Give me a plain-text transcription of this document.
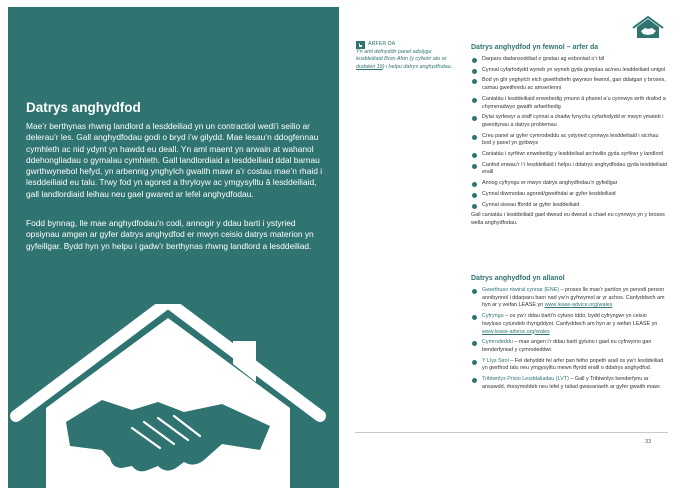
Datrys anghydfod

Mae’r berthynas rhwng landlord a lesddeiliad yn un contractiol wedi’i seilio ar delerau’r les. Gall anghydfodau godi o bryd i’w gilydd. Mae lesau’n ddogfennau cymhleth ac nid ydynt yn hawdd eu deall. Yn aml maent yn arwain at wahanol ddehongliadau o gymalau cymhleth. Gall landlordiaid a lesddeiliaid ddal barnau gwrthwynebol hefyd, yn arbennig ynghylch gwaith mawr a’r costau mae’n rhaid i lesddeiliaid eu talu. Trwy fod yn agored a thryloyw ac ymgysylltu â lesddeiliaid, gall landlordiaid leihau neu gael gwared ar lefel anghydfodau.

Fodd bynnag, lle mae anghydfodau’n codi, annogir y ddau barti i ystyried opsiynau amgen ar gyfer datrys anghydfod er mwyn ceisio datrys materion yn gyfeillgar. Bydd hyn yn helpu i gadw’r berthynas rhwng landlord a lesddeiliad.

ARFER DA
Yn aml defnyddir panel adolygu lesddeiliaid Bron Afon (y cyfeirir ato ar dudalen 19) i helpu datrys anghydfodau.
Datrys anghydfod yn fewnol – arfer da
Darparu dadansoddiad o gostau ag esboniad o’r bil
Cynnal cyfarfodydd wyneb yn wyneb gyda gneplau ac/neu lesddeiliaid unigol
Bod yn glir ynghylch eich gweithdrefn gwynion fewnol, gan ddatgan y broses, camau gweithredu ac amserlenni
Caniatáu i lesddeiliaid enwebedig ymuno â phanel a’u cynnwys wrth drafod a chymeradwyo gwaith arfaethedig
Dylai syrfewyr a staff cynnal a chadw fynychu cyfarfodydd er mwyn ymateb i gwestiynau a datrys problemau
Creu panel ar gyfer cymrodeddu ac ystyried cynnwys lesddeiliaid i sicrhau bod y panel yn gytbwys
Caniatáu i syrfëwr enwebedig y lesddeiliad archwilio gyda syrfëwr y landlord
Canfod enwau’r i’r lesddeiliaid i helpu i ddatrys anghydfodau gyda lesddeiliaid eraill
Annog cyfryngu er mwyn datrys anghydfodau’n gyfeillgar
Cynnal diwrnodau agored/gweithdai ar gyfer lesddeiliaid
Cynnal sioeau ffordd ar gyfer lesddeiliaid

Gall caniatáu i lesddeiliaid gael dweud eu dweud a chael eu cynnwys yn y broses wella anghydfodau.

Datrys anghydfod yn allanol
Gwerthuso niwtral cynnar (ENE) – proses lle mae’r partïon yn penodi person annibynnol i ddarparu barn nad yw’n gyfrwymol ar yr achos. Canfyddwch am hyn ar y wefan LEASE yn www.lease-advice.org/wales
Cyfryngu – os yw’r ddau barti’n cytuno iddo, bydd cyfryngwr yn ceisio hwyluso cytundeb rhyngddynt. Canfyddwch am hyn ar y wefan LEASE yn www.lease-advice.org/wales
Cymrodeddu – mae angen i’r ddau barti gytuno i gael eu cyfrwymo gan benderfyniad y cymrodeddwr.
Y Llys Sirol – Fel dehyddir fel arfer pan fetho popeth arall os yw’r lesddeiliad yn gwrthod talu neu ymgysylltu mewn ffyrdd eraill o ddatrys anghydfod.
Tribiwnlys Prisio Lesddaliadau (LVT) – Gall y Tribiwnlys benderfynu ar ansawdd, rhesymoldeb neu lefel y taliad gwasanaeth ar gyfer gwaith mawr.
33
